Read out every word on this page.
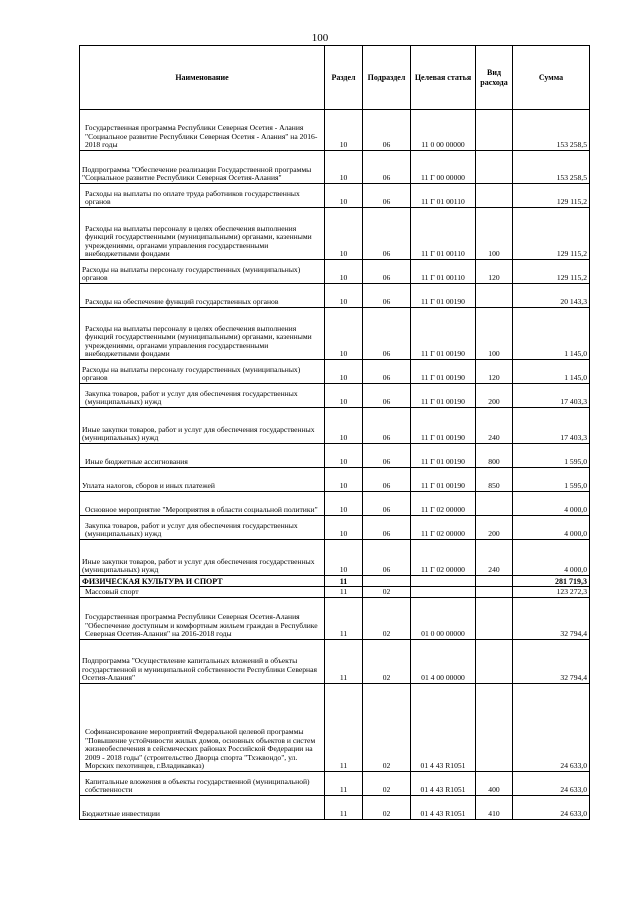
100
Наименование	Раздел	Подраздел	Целевая статья	Вид расхода	Сумма
Государственная программа Республики Северная Осетия - Алания "Социальное развитие Республики Северная Осетия - Алания" на 2016-2018 годы	10	06	11 0 00 00000		153 258,5
Подпрограмма "Обеспечение реализации Государственной программы "Социальное развитие Республики Северная Осетия-Алания"	10	06	11 Г 00 00000		153 258,5
Расходы на выплаты по оплате труда работников государственных органов	10	06	11 Г 01 00110		129 115,2
Расходы на выплаты персоналу в целях обеспечения выполнения функций государственными (муниципальными) органами, казенными учреждениями, органами управления государственными внебюджетными фондами	10	06	11 Г 01 00110	100	129 115,2
Расходы на выплаты персоналу государственных (муниципальных) органов	10	06	11 Г 01 00110	120	129 115,2
Расходы на обеспечение функций государственных органов	10	06	11 Г 01 00190		20 143,3
Расходы на выплаты персоналу в целях обеспечения выполнения функций государственными (муниципальными) органами, казенными учреждениями, органами управления государственными внебюджетными фондами	10	06	11 Г 01 00190	100	1 145,0
Расходы на выплаты персоналу государственных (муниципальных) органов	10	06	11 Г 01 00190	120	1 145,0
Закупка товаров, работ и услуг для обеспечения государственных (муниципальных) нужд	10	06	11 Г 01 00190	200	17 403,3
Иные закупки товаров, работ и услуг для обеспечения государственных (муниципальных) нужд	10	06	11 Г 01 00190	240	17 403,3
Иные бюджетные ассигнования	10	06	11 Г 01 00190	800	1 595,0
Уплата налогов, сборов и иных платежей	10	06	11 Г 01 00190	850	1 595,0
Основное мероприятие "Мероприятия в области социальной политики"	10	06	11 Г 02 00000		4 000,0
Закупка товаров, работ и услуг для обеспечения государственных (муниципальных) нужд	10	06	11 Г 02 00000	200	4 000,0
Иные закупки товаров, работ и услуг для обеспечения государственных (муниципальных) нужд	10	06	11 Г 02 00000	240	4 000,0
ФИЗИЧЕСКАЯ КУЛЬТУРА И СПОРТ	11				281 719,3
Массовый спорт	11	02			123 272,3
Государственная программа Республики Северная Осетия-Алания "Обеспечение доступным и комфортным жильем граждан в Республике Северная Осетия-Алания" на 2016-2018 годы	11	02	01 0 00 00000		32 794,4
Подпрограмма "Осуществление капитальных вложений в объекты государственной и муниципальной собственности Республики Северная Осетия-Алания"	11	02	01 4 00 00000		32 794,4
Софинансирование мероприятий Федеральной целевой программы "Повышение устойчивости жилых домов, основных объектов и систем жизнеобеспечения в сейсмических районах Российской Федерации на 2009 - 2018 годы" (строительство Дворца спорта "Тхэквондо", ул. Морских пехотинцев, г.Владикавказ)	11	02	01 4 43 R1051		24 633,0
Капитальные вложения в объекты государственной (муниципальной) собственности	11	02	01 4 43 R1051	400	24 633,0
Бюджетные инвестиции	11	02	01 4 43 R1051	410	24 633,0
